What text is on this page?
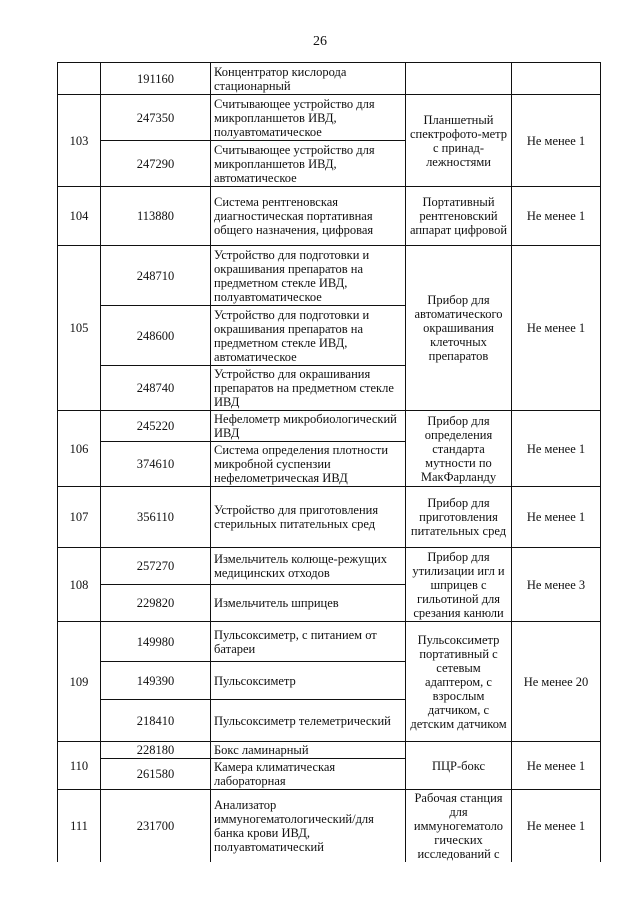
26
	191160	Концентратор кислорода стационарный		
103	247350	Считывающее устройство для микропланшетов ИВД, полуавтоматическое	Планшетный спектрофото-метр с принад-лежностями	Не менее 1
	247290	Считывающее устройство для микропланшетов ИВД, автоматическое		
104	113880	Система рентгеновская диагностическая портативная общего назначения, цифровая	Портативный рентгеновский аппарат цифровой	Не менее 1
105	248710	Устройство для подготовки и окрашивания препаратов на предметном стекле ИВД, полуавтоматическое	Прибор для автоматического окрашивания клеточных препаратов	Не менее 1
	248600	Устройство для подготовки и окрашивания препаратов на предметном стекле ИВД, автоматическое		
	248740	Устройство для окрашивания препаратов на предметном стекле ИВД		
106	245220	Нефелометр микробиологический ИВД	Прибор для определения стандарта мутности по МакФарланду	Не менее 1
	374610	Система определения плотности микробной суспензии нефелометрическая ИВД		
107	356110	Устройство для приготовления стерильных питательных сред	Прибор для приготовления питательных сред	Не менее 1
108	257270	Измельчитель колюще-режущих медицинских отходов	Прибор для утилизации игл и шприцев с гильотиной для срезания канюли	Не менее 3
	229820	Измельчитель шприцев		
109	149980	Пульсоксиметр, с питанием от батареи	Пульсоксиметр портативный с сетевым адаптером, с взрослым датчиком, с детским датчиком	Не менее 20
	149390	Пульсоксиметр		
	218410	Пульсоксиметр телеметрический		
110	228180	Бокс ламинарный	ПЦР-бокс	Не менее 1
	261580	Камера климатическая лабораторная		
111	231700	Анализатор иммуногематологический/для банка крови ИВД, полуавтоматический	Рабочая станция для иммуногематоло гических исследований с	Не менее 1
